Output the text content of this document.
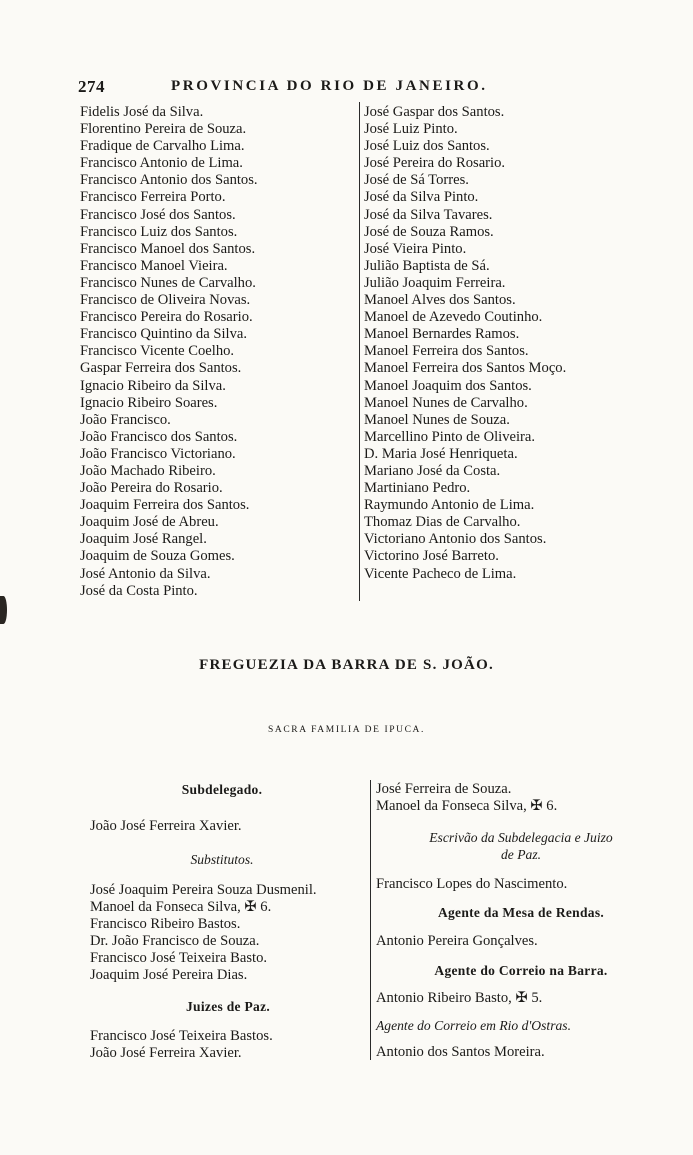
274	PROVINCIA DO RIO DE JANEIRO.
Fidelis José da Silva.
Florentino Pereira de Souza.
Fradique de Carvalho Lima.
Francisco Antonio de Lima.
Francisco Antonio dos Santos.
Francisco Ferreira Porto.
Francisco José dos Santos.
Francisco Luiz dos Santos.
Francisco Manoel dos Santos.
Francisco Manoel Vieira.
Francisco Nunes de Carvalho.
Francisco de Oliveira Novas.
Francisco Pereira do Rosario.
Francisco Quintino da Silva.
Francisco Vicente Coelho.
Gaspar Ferreira dos Santos.
Ignacio Ribeiro da Silva.
Ignacio Ribeiro Soares.
João Francisco.
João Francisco dos Santos.
João Francisco Victoriano.
João Machado Ribeiro.
João Pereira do Rosario.
Joaquim Ferreira dos Santos.
Joaquim José de Abreu.
Joaquim José Rangel.
Joaquim de Souza Gomes.
José Antonio da Silva.
José da Costa Pinto.
José Gaspar dos Santos.
José Luiz Pinto.
José Luiz dos Santos.
José Pereira do Rosario.
José de Sá Torres.
José da Silva Pinto.
José da Silva Tavares.
José de Souza Ramos.
José Vieira Pinto.
Julião Baptista de Sá.
Julião Joaquim Ferreira.
Manoel Alves dos Santos.
Manoel de Azevedo Coutinho.
Manoel Bernardes Ramos.
Manoel Ferreira dos Santos.
Manoel Ferreira dos Santos Moço.
Manoel Joaquim dos Santos.
Manoel Nunes de Carvalho.
Manoel Nunes de Souza.
Marcellino Pinto de Oliveira.
D. Maria José Henriqueta.
Mariano José da Costa.
Martiniano Pedro.
Raymundo Antonio de Lima.
Thomaz Dias de Carvalho.
Victoriano Antonio dos Santos.
Victorino José Barreto.
Vicente Pacheco de Lima.
FREGUEZIA DA BARRA DE S. JOÃO.
SACRA FAMILIA DE IPUCA.
Subdelegado.
João José Ferreira Xavier.
Substitutos.
José Joaquim Pereira Souza Dusmenil.
Manoel da Fonseca Silva, ✠ 6.
Francisco Ribeiro Bastos.
Dr. João Francisco de Souza.
Francisco José Teixeira Basto.
Joaquim José Pereira Dias.
Juizes de Paz.
Francisco José Teixeira Bastos.
João José Ferreira Xavier.
José Ferreira de Souza.
Manoel da Fonseca Silva, ✠ 6.
Escrivão da Subdelegacia e Juizo
de Paz.
Francisco Lopes do Nascimento.
Agente da Mesa de Rendas.
Antonio Pereira Gonçalves.
Agente do Correio na Barra.
Antonio Ribeiro Basto, ✠ 5.
Agente do Correio em Rio d'Ostras.
Antonio dos Santos Moreira.
